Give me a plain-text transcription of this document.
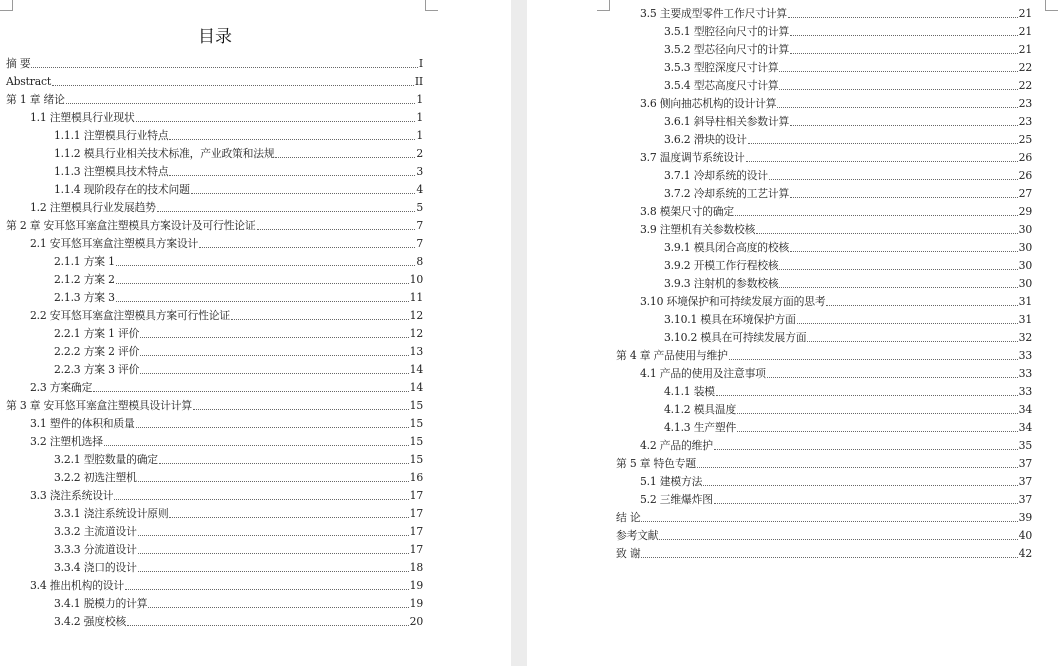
目录
摘 要	I
Abstract	II
第 1 章 绪论	1
1.1 注塑模具行业现状	1
1.1.1 注塑模具行业特点	1
1.1.2 模具行业相关技术标准，产业政策和法规	2
1.1.3 注塑模具技术特点	3
1.1.4 现阶段存在的技术问题	4
1.2 注塑模具行业发展趋势	5
第 2 章 安耳悠耳塞盒注塑模具方案设计及可行性论证	7
2.1 安耳悠耳塞盒注塑模具方案设计	7
2.1.1 方案 1	8
2.1.2 方案 2	10
2.1.3 方案 3	11
2.2 安耳悠耳塞盒注塑模具方案可行性论证	12
2.2.1 方案 1 评价	12
2.2.2 方案 2 评价	13
2.2.3 方案 3 评价	14
2.3 方案确定	14
第 3 章 安耳悠耳塞盒注塑模具设计计算	15
3.1 塑件的体积和质量	15
3.2 注塑机选择	15
3.2.1 型腔数量的确定	15
3.2.2 初选注塑机	16
3.3 浇注系统设计	17
3.3.1 浇注系统设计原则	17
3.3.2 主流道设计	17
3.3.3 分流道设计	17
3.3.4 浇口的设计	18
3.4 推出机构的设计	19
3.4.1 脱模力的计算	19
3.4.2 强度校核	20
3.5 主要成型零件工作尺寸计算	21
3.5.1 型腔径向尺寸的计算	21
3.5.2 型芯径向尺寸的计算	21
3.5.3 型腔深度尺寸计算	22
3.5.4 型芯高度尺寸计算	22
3.6 侧向抽芯机构的设计计算	23
3.6.1 斜导柱相关参数计算	23
3.6.2 滑块的设计	25
3.7 温度调节系统设计	26
3.7.1 冷却系统的设计	26
3.7.2 冷却系统的工艺计算	27
3.8 模架尺寸的确定	29
3.9 注塑机有关参数校核	30
3.9.1 模具闭合高度的校核	30
3.9.2 开模工作行程校核	30
3.9.3 注射机的参数校核	30
3.10 环境保护和可持续发展方面的思考	31
3.10.1 模具在环境保护方面	31
3.10.2 模具在可持续发展方面	32
第 4 章 产品使用与维护	33
4.1 产品的使用及注意事项	33
4.1.1 装模	33
4.1.2 模具温度	34
4.1.3 生产塑件	34
4.2 产品的维护	35
第 5 章 特色专题	37
5.1 建模方法	37
5.2 三维爆炸图	37
结 论	39
参考文献	40
致 谢	42
